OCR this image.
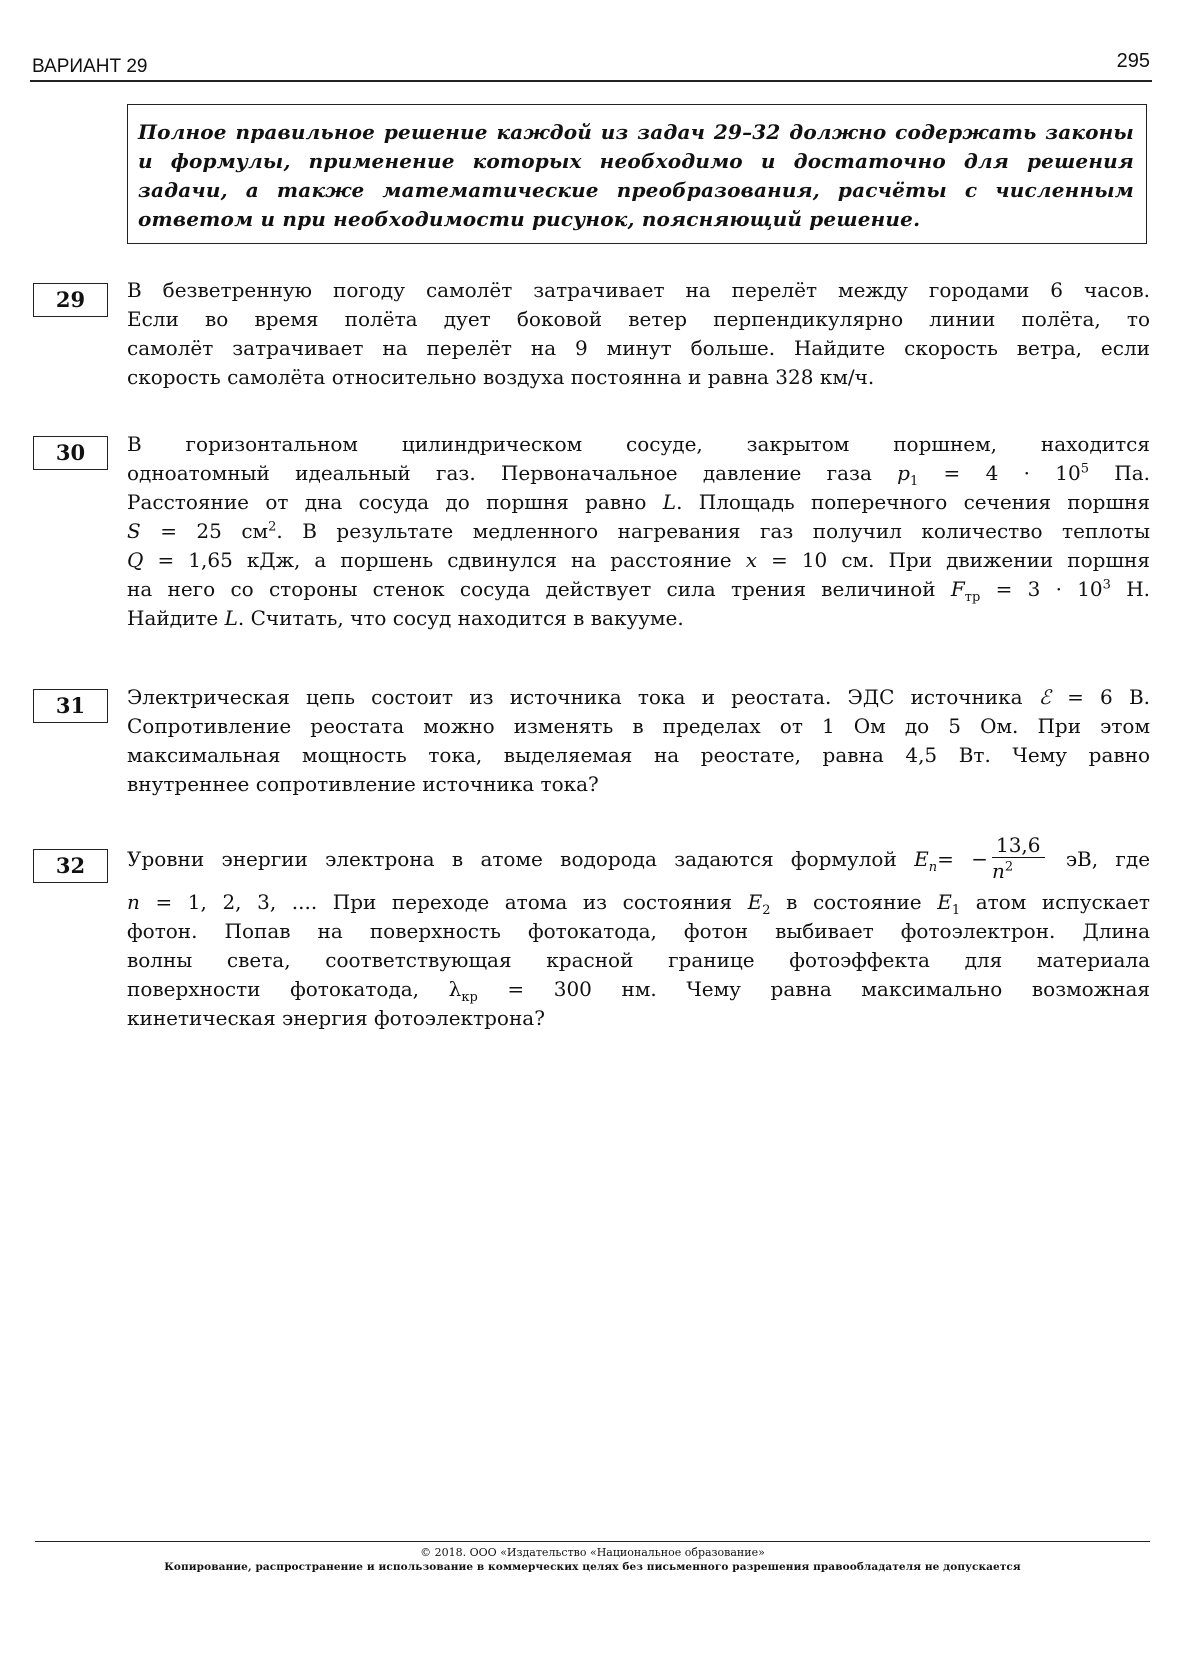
ВАРИАНТ 29	295

Полное правильное решение каждой из задач 29–32 должно содержать законы и формулы, применение которых необходимо и достаточно для решения задачи, а также математические преобразования, расчёты с численным ответом и при необходимости рисунок, поясняющий решение.

29	В безветренную погоду самолёт затрачивает на перелёт между городами 6 часов.
Если во время полёта дует боковой ветер перпендикулярно линии полёта, то
самолёт затрачивает на перелёт на 9 минут больше. Найдите скорость ветра, если
скорость самолёта относительно воздуха постоянна и равна 328 км/ч.
30	В горизонтальном цилиндрическом сосуде, закрытом поршнем, находится
одноатомный идеальный газ. Первоначальное давление газа $p_1 = 4 \cdot 10^5$ Па.
Расстояние от дна сосуда до поршня равно L. Площадь поперечного сечения поршня
S = 25 $см^2$. В результате медленного нагревания газ получил количество теплоты
Q = 1,65 кДж, а поршень сдвинулся на расстояние x = 10 см. При движении поршня
на него со стороны стенок сосуда действует сила трения величиной $F_{тр} = 3 \cdot 10^3$ Н.
Найдите L. Считать, что сосуд находится в вакууме.
31	Электрическая цепь состоит из источника тока и реостата. ЭДС источника ℰ = 6 В.
Сопротивление реостата можно изменять в пределах от 1 Ом до 5 Ом. При этом
максимальная мощность тока, выделяемая на реостате, равна 4,5 Вт. Чему равно
внутреннее сопротивление источника тока?
32	Уровни энергии электрона в атоме водорода задаются формулой $E_n= - \frac{13,6}{n^2}$ эВ, где
n = 1, 2, 3, .... При переходе атома из состояния $E_2$ в состояние $E_1$ атом испускает
фотон. Попав на поверхность фотокатода, фотон выбивает фотоэлектрон. Длина
волны света, соответствующая красной границе фотоэффекта для материала
поверхности фотокатода, $\lambda_{кр} = 300$ нм. Чему равна максимально возможная
кинетическая энергия фотоэлектрона?
© 2018. ООО «Издательство «Национальное образование»
Копирование, распространение и использование в коммерческих целях без письменного разрешения правообладателя не допускается
